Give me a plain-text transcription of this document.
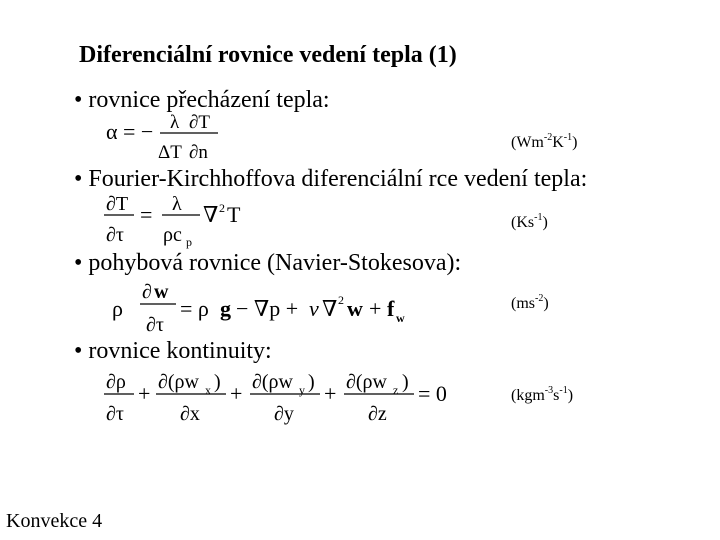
Diferenciální rovnice vedení tepla (1)
• rovnice přecházení tepla:
α = − λ
ΔT
∂T
∂n	$(Wm^{-2}K^{-1})$
• Fourier-Kirchhoffova diferenciální rce vedení tepla:
∂T
∂τ
= λ
ρc p
∇ 2 T	$(Ks^{-1})$
• pohybová rovnice (Navier-Stokesova):
ρ
∂ w
∂τ
= ρ g − ∇p + ν ∇ 2 w + f w
$(ms^{-2})$
• rovnice kontinuity:
∂ρ
∂τ
+ ∂(ρw x )
∂x
+ ∂(ρw y )
∂y
+ ∂(ρw z )
∂z
= 0	$(kgm^{-3}s^{-1})$
Konvekce 4
